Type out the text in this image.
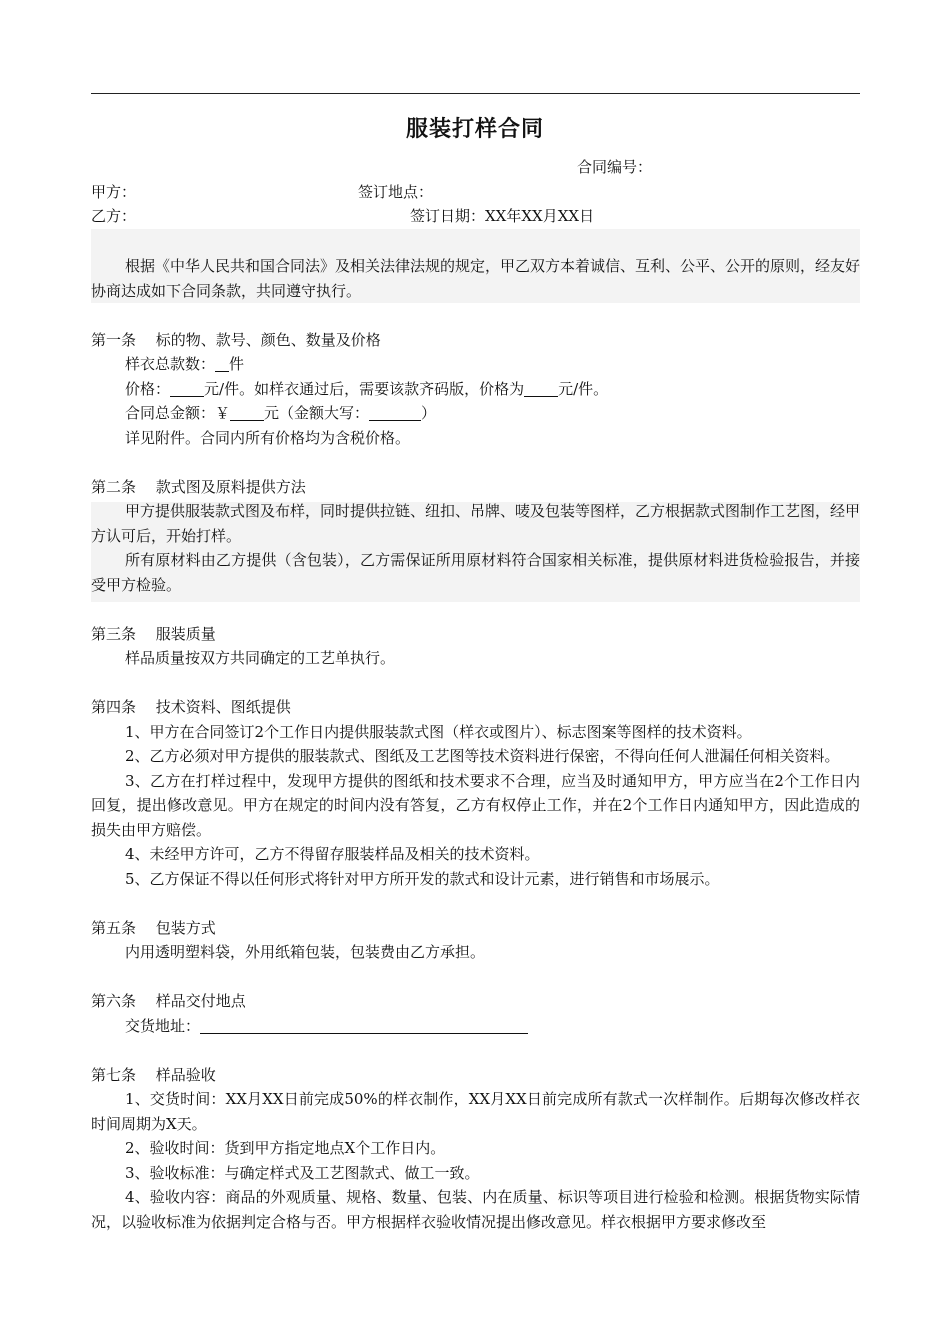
服装打样合同
合同编号：
甲方：	签订地点：
乙方：	签订日期：XX年XX月XX日

根据《中华人民共和国合同法》及相关法律法规的规定，甲乙双方本着诚信、互利、公平、公开的原则，经友好协商达成如下合同条款，共同遵守执行。

第一条　 标的物、款号、颜色、数量及价格

样衣总款数： 件

价格： 元/件。如样衣通过后，需要该款齐码版，价格为 元/件。

合同总金额：￥ 元（金额大写：	）

详见附件。合同内所有价格均为含税价格。

第二条　 款式图及原料提供方法

甲方提供服装款式图及布样，同时提供拉链、纽扣、吊牌、唛及包装等图样，乙方根据款式图制作工艺图，经甲方认可后，开始打样。

所有原材料由乙方提供（含包装），乙方需保证所用原材料符合国家相关标准，提供原材料进货检验报告，并接受甲方检验。

第三条　 服装质量

样品质量按双方共同确定的工艺单执行。

第四条　 技术资料、图纸提供

1、甲方在合同签订2个工作日内提供服装款式图（样衣或图片）、标志图案等图样的技术资料。

2、乙方必须对甲方提供的服装款式、图纸及工艺图等技术资料进行保密，不得向任何人泄漏任何相关资料。

3、乙方在打样过程中，发现甲方提供的图纸和技术要求不合理，应当及时通知甲方，甲方应当在2个工作日内回复，提出修改意见。甲方在规定的时间内没有答复，乙方有权停止工作，并在2个工作日内通知甲方，因此造成的损失由甲方赔偿。

4、未经甲方许可，乙方不得留存服装样品及相关的技术资料。

5、乙方保证不得以任何形式将针对甲方所开发的款式和设计元素，进行销售和市场展示。

第五条　 包装方式

内用透明塑料袋，外用纸箱包装，包装费由乙方承担。

第六条　 样品交付地点

交货地址：

第七条　 样品验收

1、交货时间：XX月XX日前完成50%的样衣制作，XX月XX日前完成所有款式一次样制作。后期每次修改样衣时间周期为X天。

2、验收时间：货到甲方指定地点X个工作日内。

3、验收标准：与确定样式及工艺图款式、做工一致。

4、验收内容：商品的外观质量、规格、数量、包装、内在质量、标识等项目进行检验和检测。根据货物实际情况，以验收标准为依据判定合格与否。甲方根据样衣验收情况提出修改意见。样衣根据甲方要求修改至
